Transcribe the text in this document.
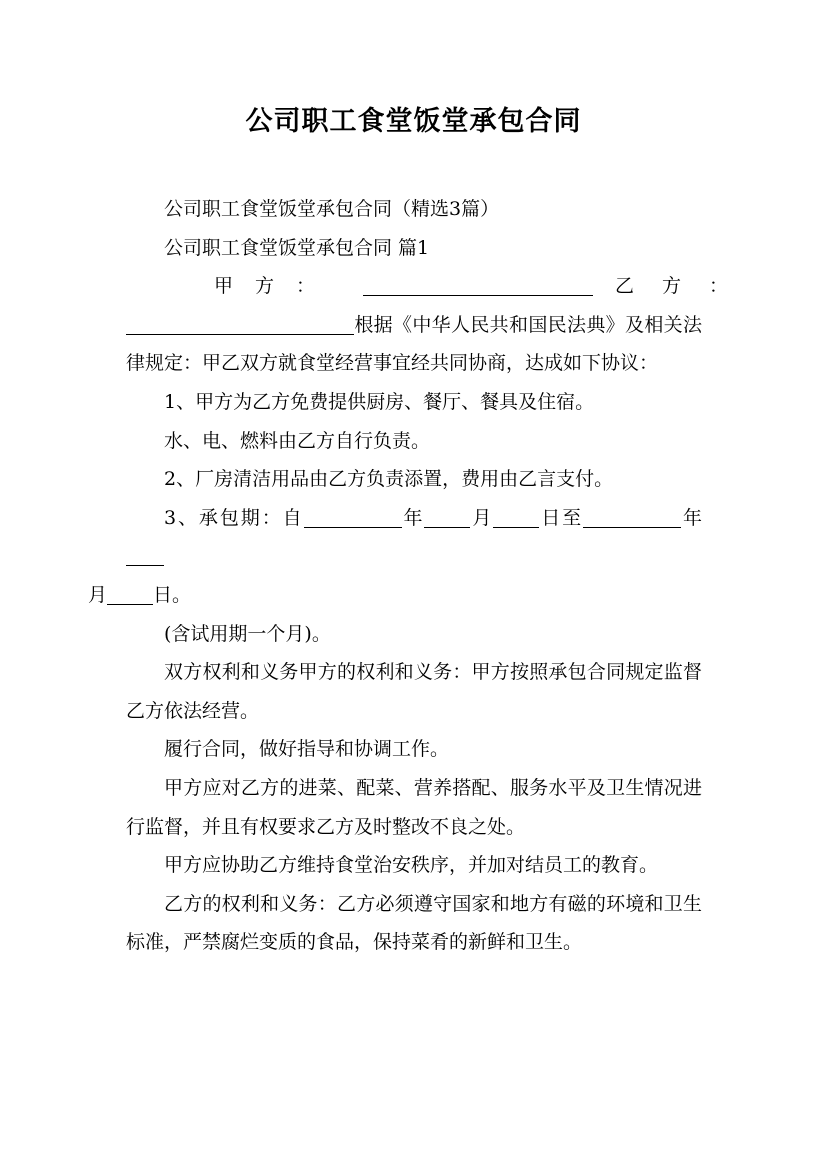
公司职工食堂饭堂承包合同

公司职工食堂饭堂承包合同（精选3篇）

公司职工食堂饭堂承包合同 篇1

甲方：	乙方：

根据《中华人民共和国民法典》及相关法律规定：甲乙双方就食堂经营事宜经共同协商，达成如下协议：

1、甲方为乙方免费提供厨房、餐厅、餐具及住宿。

水、电、燃料由乙方自行负责。

2、厂房清洁用品由乙方负责添置，费用由乙言支付。

3、承包期：自	年 月 日至	年
月 日。

(含试用期一个月)。

双方权利和义务甲方的权利和义务：甲方按照承包合同规定监督乙方依法经营。

履行合同，做好指导和协调工作。

甲方应对乙方的进菜、配菜、营养搭配、服务水平及卫生情况进行监督，并且有权要求乙方及时整改不良之处。

甲方应协助乙方维持食堂治安秩序，并加对结员工的教育。

乙方的权利和义务：乙方必须遵守国家和地方有磁的环境和卫生标准，严禁腐烂变质的食品，保持菜肴的新鲜和卫生。
